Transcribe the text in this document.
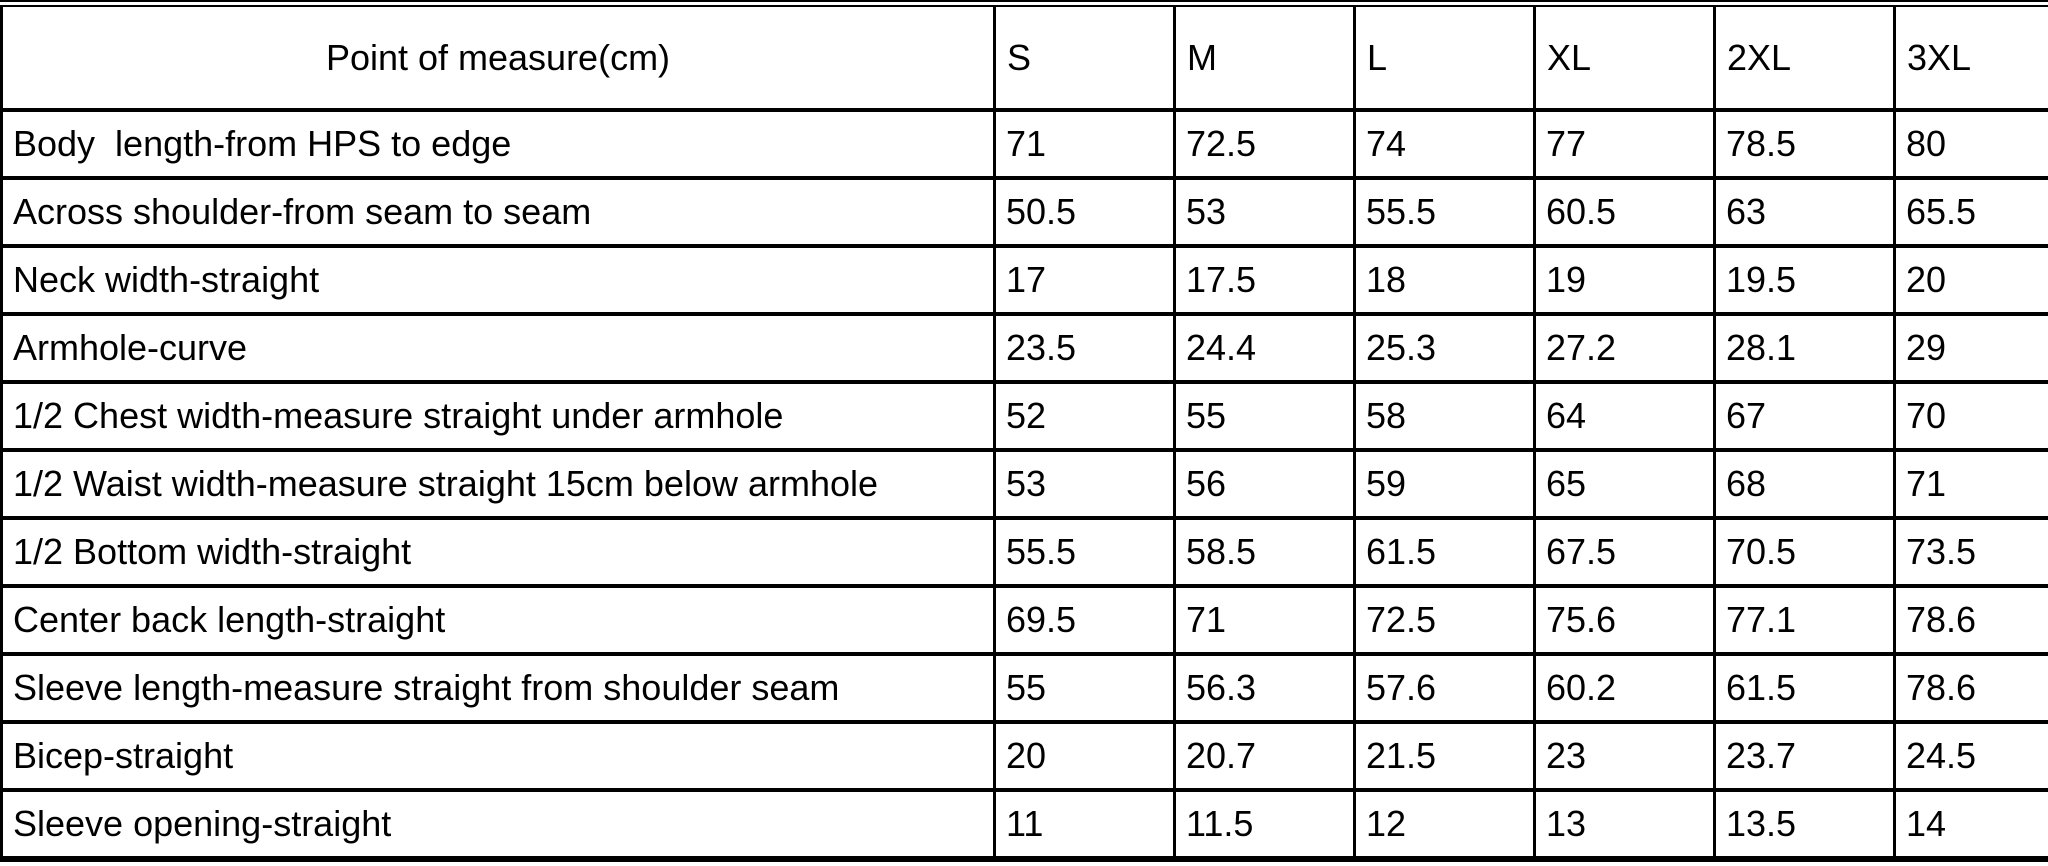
Point of measure(cm)	S	M	L	XL	2XL	3XL
Body  length-from HPS to edge	71	72.5	74	77	78.5	80
Across shoulder-from seam to seam	50.5	53	55.5	60.5	63	65.5
Neck width-straight	17	17.5	18	19	19.5	20
Armhole-curve	23.5	24.4	25.3	27.2	28.1	29
1/2 Chest width-measure straight under armhole	52	55	58	64	67	70
1/2 Waist width-measure straight 15cm below armhole	53	56	59	65	68	71
1/2 Bottom width-straight	55.5	58.5	61.5	67.5	70.5	73.5
Center back length-straight	69.5	71	72.5	75.6	77.1	78.6
Sleeve length-measure straight from shoulder seam	55	56.3	57.6	60.2	61.5	78.6
Bicep-straight	20	20.7	21.5	23	23.7	24.5
Sleeve opening-straight	11	11.5	12	13	13.5	14
